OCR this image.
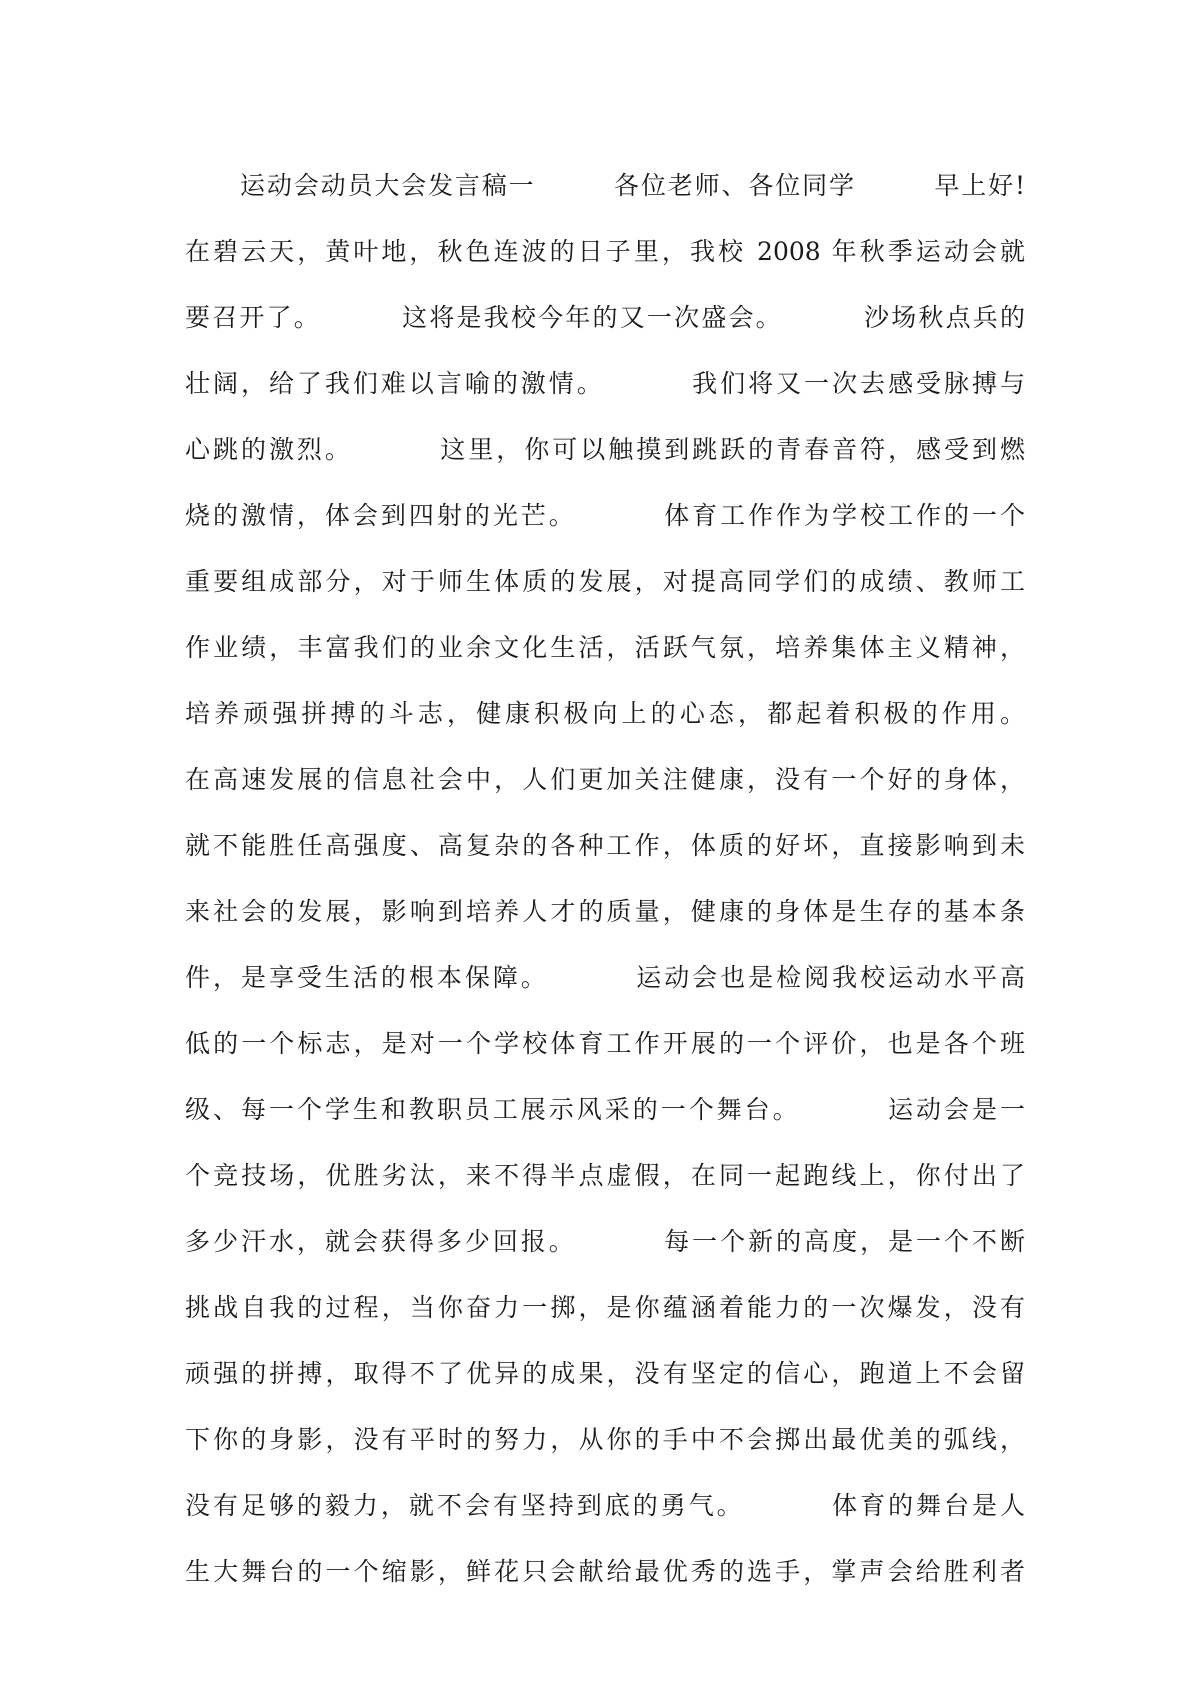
运动会动员大会发言稿一        各位老师、各位同学        早上好!
在碧云天，黄叶地，秋色连波的日子里，我校 2008 年秋季运动会就
要召开了。        这将是我校今年的又一次盛会。        沙场秋点兵的
壮阔，给了我们难以言喻的激情。        我们将又一次去感受脉搏与
心跳的激烈。        这里，你可以触摸到跳跃的青春音符，感受到燃
烧的激情，体会到四射的光芒。        体育工作作为学校工作的一个
重要组成部分，对于师生体质的发展，对提高同学们的成绩、教师工
作业绩，丰富我们的业余文化生活，活跃气氛，培养集体主义精神，
培养顽强拼搏的斗志，健康积极向上的心态，都起着积极的作用。
在高速发展的信息社会中，人们更加关注健康，没有一个好的身体，
就不能胜任高强度、高复杂的各种工作，体质的好坏，直接影响到未
来社会的发展，影响到培养人才的质量，健康的身体是生存的基本条
件，是享受生活的根本保障。        运动会也是检阅我校运动水平高
低的一个标志，是对一个学校体育工作开展的一个评价，也是各个班
级、每一个学生和教职员工展示风采的一个舞台。        运动会是一
个竞技场，优胜劣汰，来不得半点虚假，在同一起跑线上，你付出了
多少汗水，就会获得多少回报。        每一个新的高度，是一个不断
挑战自我的过程，当你奋力一掷，是你蕴涵着能力的一次爆发，没有
顽强的拼搏，取得不了优异的成果，没有坚定的信心，跑道上不会留
下你的身影，没有平时的努力，从你的手中不会掷出最优美的弧线，
没有足够的毅力，就不会有坚持到底的勇气。        体育的舞台是人
生大舞台的一个缩影，鲜花只会献给最优秀的选手，掌声会给胜利者
